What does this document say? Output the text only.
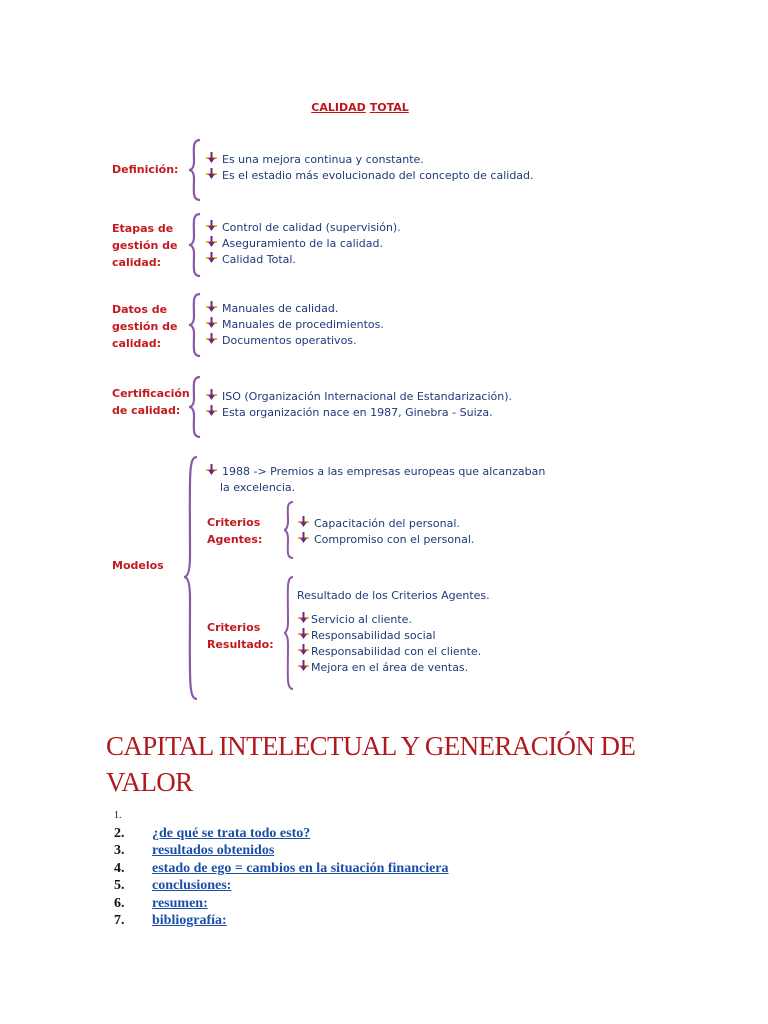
CALIDAD TOTAL
Definición:
Es una mejora continua y constante.
Es el estadio más evolucionado del concepto de calidad.
Etapas de
gestión de
calidad:
Control de calidad (supervisión).
Aseguramiento de la calidad.
Calidad Total.
Datos de
gestión de
calidad:
Manuales de calidad.
Manuales de procedimientos.
Documentos operativos.
Certificación
de calidad:
ISO (Organización Internacional de Estandarización).
Esta organización nace en 1987, Ginebra - Suiza.
Modelos
1988 -> Premios a las empresas europeas que alcanzaban
la excelencia.
Criterios
Agentes:
Capacitación del personal.
Compromiso con el personal.
Criterios
Resultado:
Resultado de los Criterios Agentes.
Servicio al cliente.
Responsabilidad social
Responsabilidad con el cliente.
Mejora en el área de ventas.
CAPITAL INTELECTUAL Y GENERACIÓN DE VALOR
1.
2. ¿de qué se trata todo esto?
3. resultados obtenidos
4. estado de ego = cambios en la situación financiera
5. conclusiones:
6. resumen:
7. bibliografía:
